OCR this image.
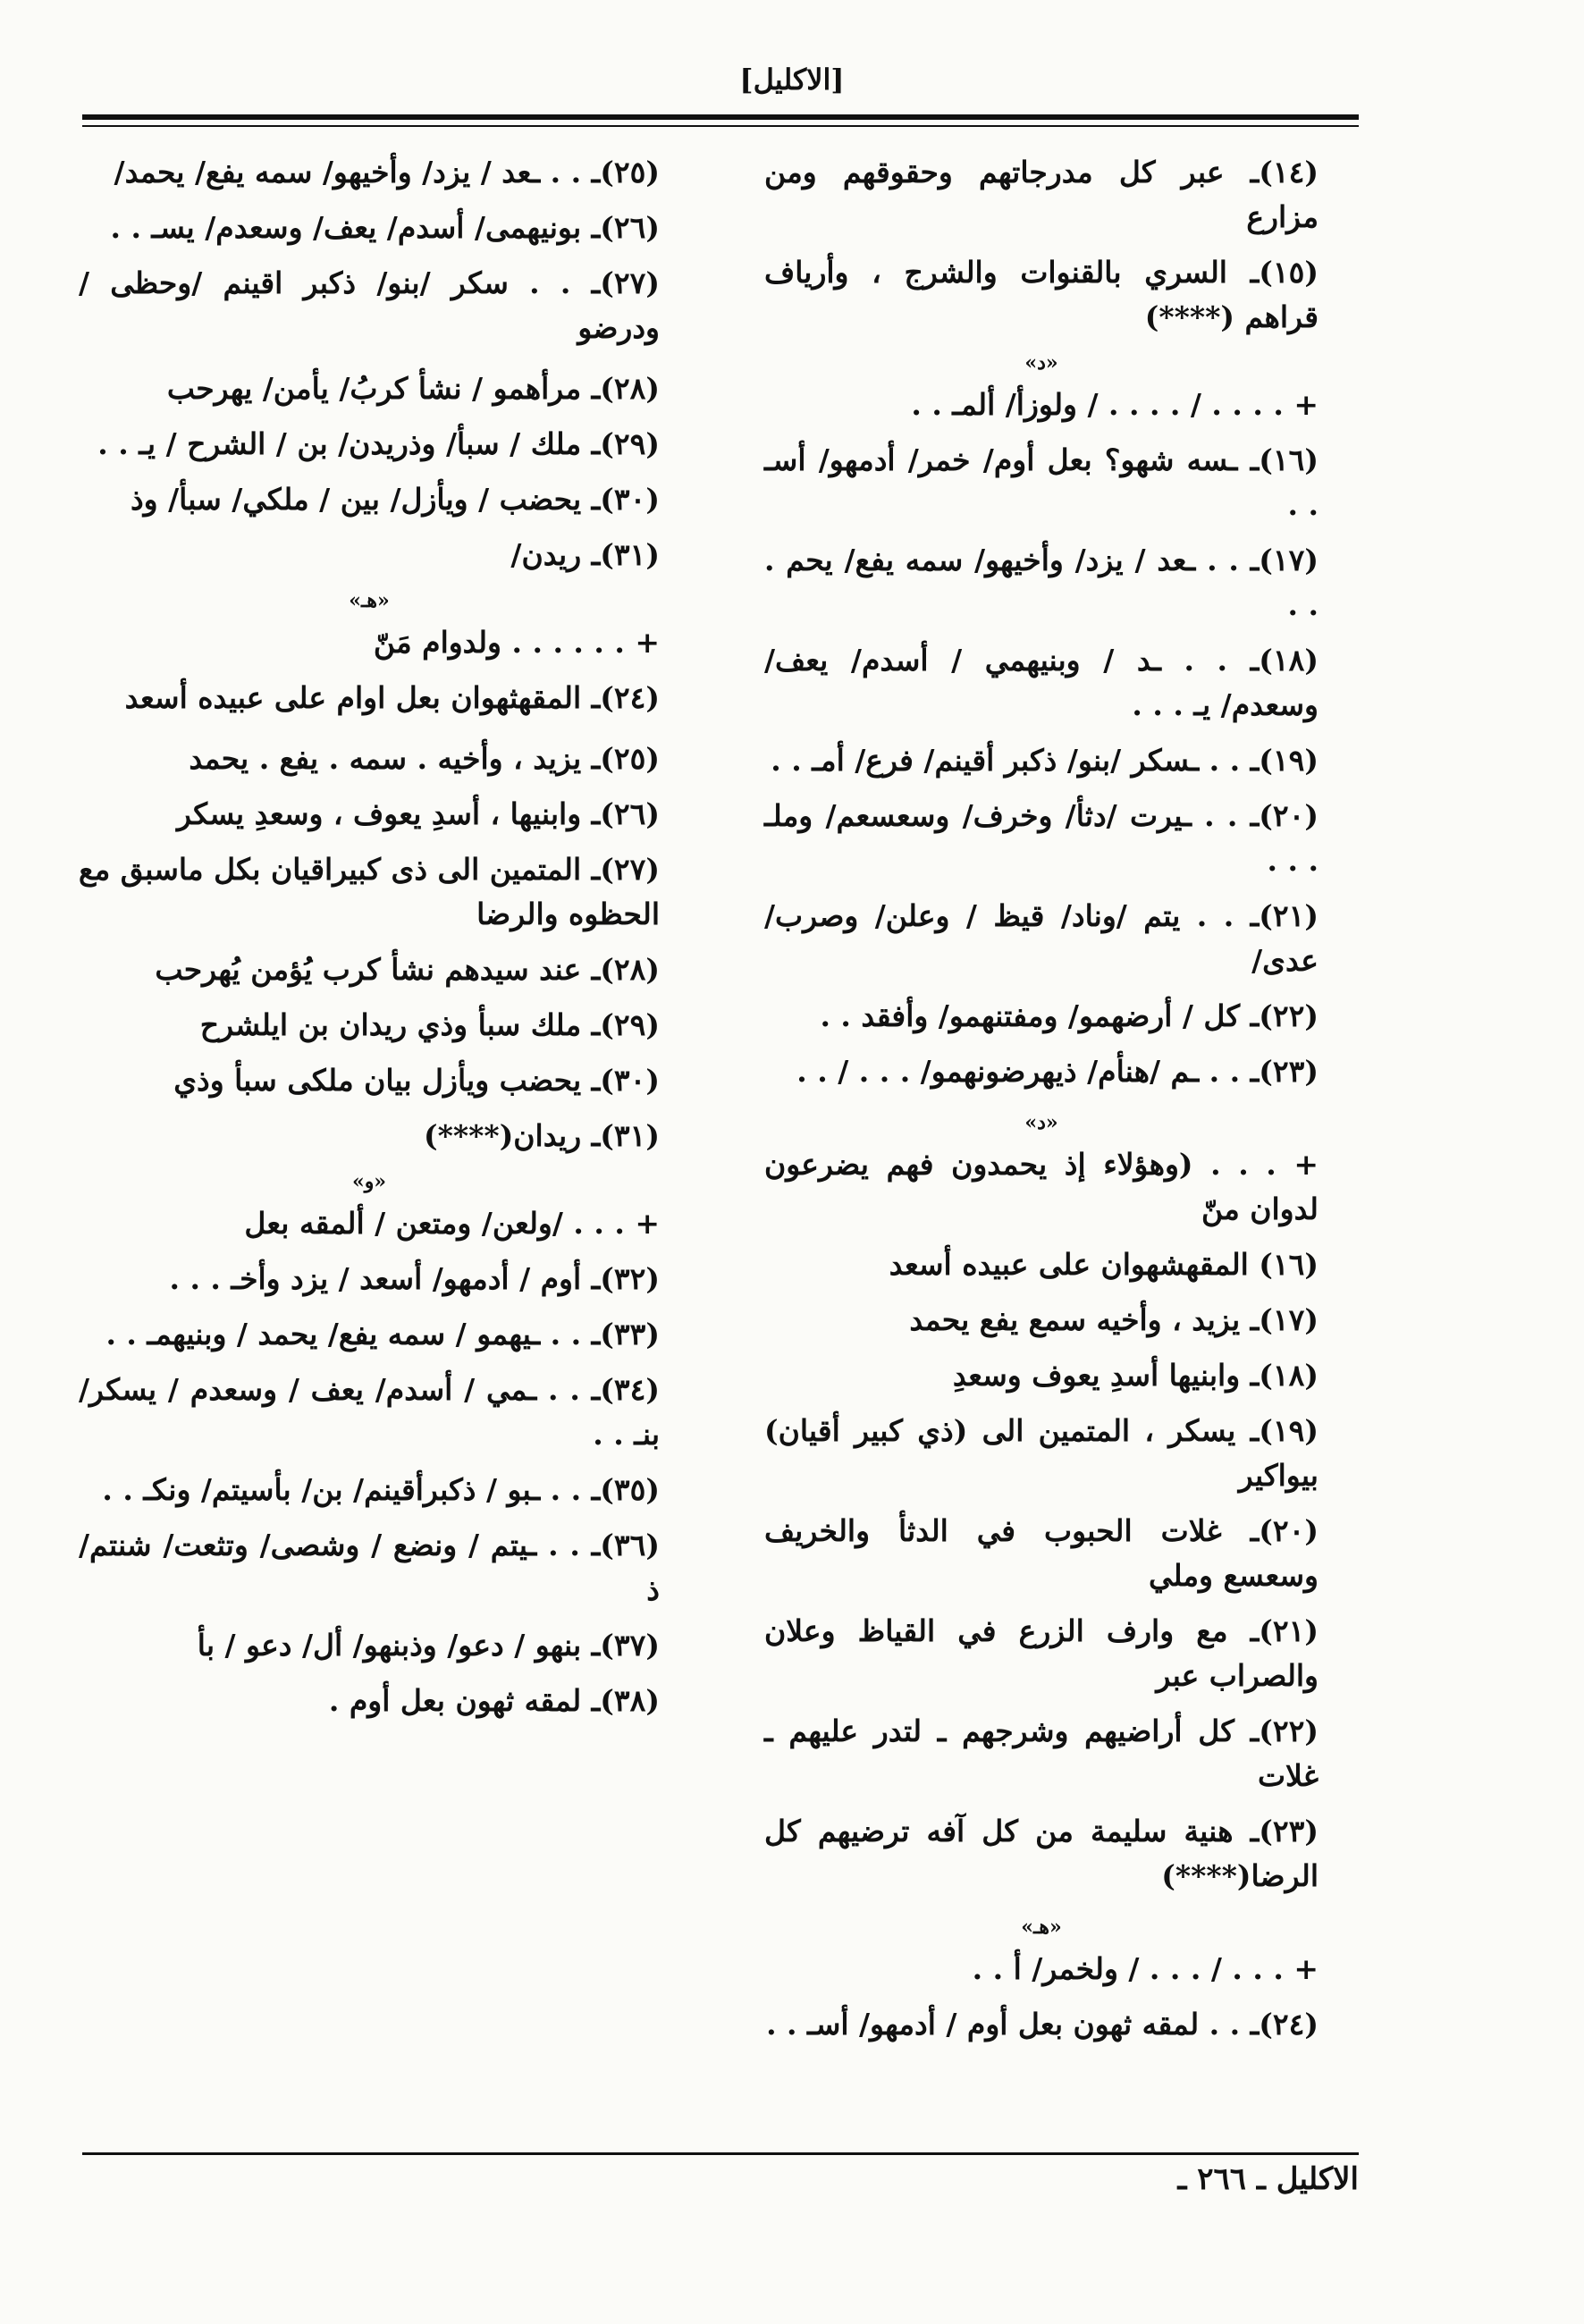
[الاكليل]

(١٤)ـ عبر كل مدرجاتهم وحقوقهم ومن مزارع

(١٥)ـ السري بالقنوات والشرج ، وأرياف قراهم (****)

«د»

+ . . . . / . . . . / ولوزأ/ ألمـ . .

(١٦)ـ ـسه شهو؟ بعل أوم/ خمر/ أدمهو/ أسـ . .

(١٧)ـ . . ـعد / يزد/ وأخيهو/ سمه يفع/ يحم . . .

(١٨)ـ . . ـد / وبنيهمي / أسدم/ يعف/ وسعدم/ يـ . . .

(١٩)ـ . . ـسكر /بنو/ ذكبر أقينم/ فرع/ أمـ . .

(٢٠)ـ . . ـيرت /دثأ/ وخرف/ وسعسعم/ وملـ . . .

(٢١)ـ . . يتم /وناد/ قيظ / وعلن/ وصرب/ عدى/

(٢٢)ـ كل / أرضهمو/ ومفتنهمو/ وأفقد . .

(٢٣)ـ . . ـم /هنأم/ ذيهرضونهمو/ . . . / . .

«د»

+ . . . (وهؤلاء إذ يحمدون فهم يضرعون لدوان منّ

(١٦) المقهشهوان على عبيده أسعد

(١٧)ـ يزيد ، وأخيه سمع يفع يحمد

(١٨)ـ وابنيها أسدِ يعوف وسعدِ

(١٩)ـ يسكر ، المتمين الى (ذي كبير أقيان) بيواكير

(٢٠)ـ غلات الحبوب في الدثأ والخريف وسعسع وملي

(٢١)ـ مع وارف الزرع في القياظ وعلان والصراب عبر

(٢٢)ـ كل أراضيهم وشرجهم ـ لتدر عليهم ـ غلات

(٢٣)ـ هنية سليمة من كل آفه ترضيهم كل الرضا(****)

«هـ»

+ . . . / . . . / ولخمر/ أ . .

(٢٤)ـ . . لمقه ثهون بعل أوم / أدمهو/ أسـ . .

(٢٥)ـ . . ـعد / يزد/ وأخيهو/ سمه يفع/ يحمد/

(٢٦)ـ بونيهمى/ أسدم/ يعف/ وسعدم/ يسـ . .

(٢٧)ـ . . سكر /بنو/ ذكبر اقينم /وحظى / ودرضو

(٢٨)ـ مرأهمو / نشأ كربُ/ يأمن/ يهرحب

(٢٩)ـ ملك / سبأ/ وذريدن/ بن / الشرح / يـ . .

(٣٠)ـ يحضب / ويأزل/ بين / ملكي/ سبأ/ وذ

(٣١)ـ ريدن/

«هـ»

+ . . . . . . ولدوام مَنّ

(٢٤)ـ المقهثهوان بعل اوام على عبيده أسعد

(٢٥)ـ يزيد ، وأخيه . سمه . يفع . يحمد

(٢٦)ـ وابنيها ، أسدِ يعوف ، وسعدِ يسكر

(٢٧)ـ المتمين الى ذى كبيراقيان بكل ماسبق مع الحظوه والرضا

(٢٨)ـ عند سيدهم نشأ كرب يُؤمن يُهرحب

(٢٩)ـ ملك سبأ وذي ريدان بن ايلشرح

(٣٠)ـ يحضب ويأزل بيان ملكى سبأ وذي

(٣١)ـ ريدان(****)

«و»

+ . . . /ولعن/ ومتعن / ألمقه بعل

(٣٢)ـ أوم / أدمهو/ أسعد / يزد وأخـ . . .

(٣٣)ـ . . ـيهمو / سمه يفع/ يحمد / وبنيهمـ . .

(٣٤)ـ . . ـمي / أسدم/ يعف / وسعدم / يسكر/ بنـ . .

(٣٥)ـ . . ـبو / ذكبرأقينم/ بن/ بأسيتم/ ونكـ . .

(٣٦)ـ . . ـيتم / ونضع / وشصى/ وتثعت/ شنتم/ ذ

(٣٧)ـ بنهو / دعو/ وذبنهو/ أل/ دعو / بأ

(٣٨)ـ لمقه ثهون بعل أوم .

الاكليل ـ ٢٦٦ ـ
